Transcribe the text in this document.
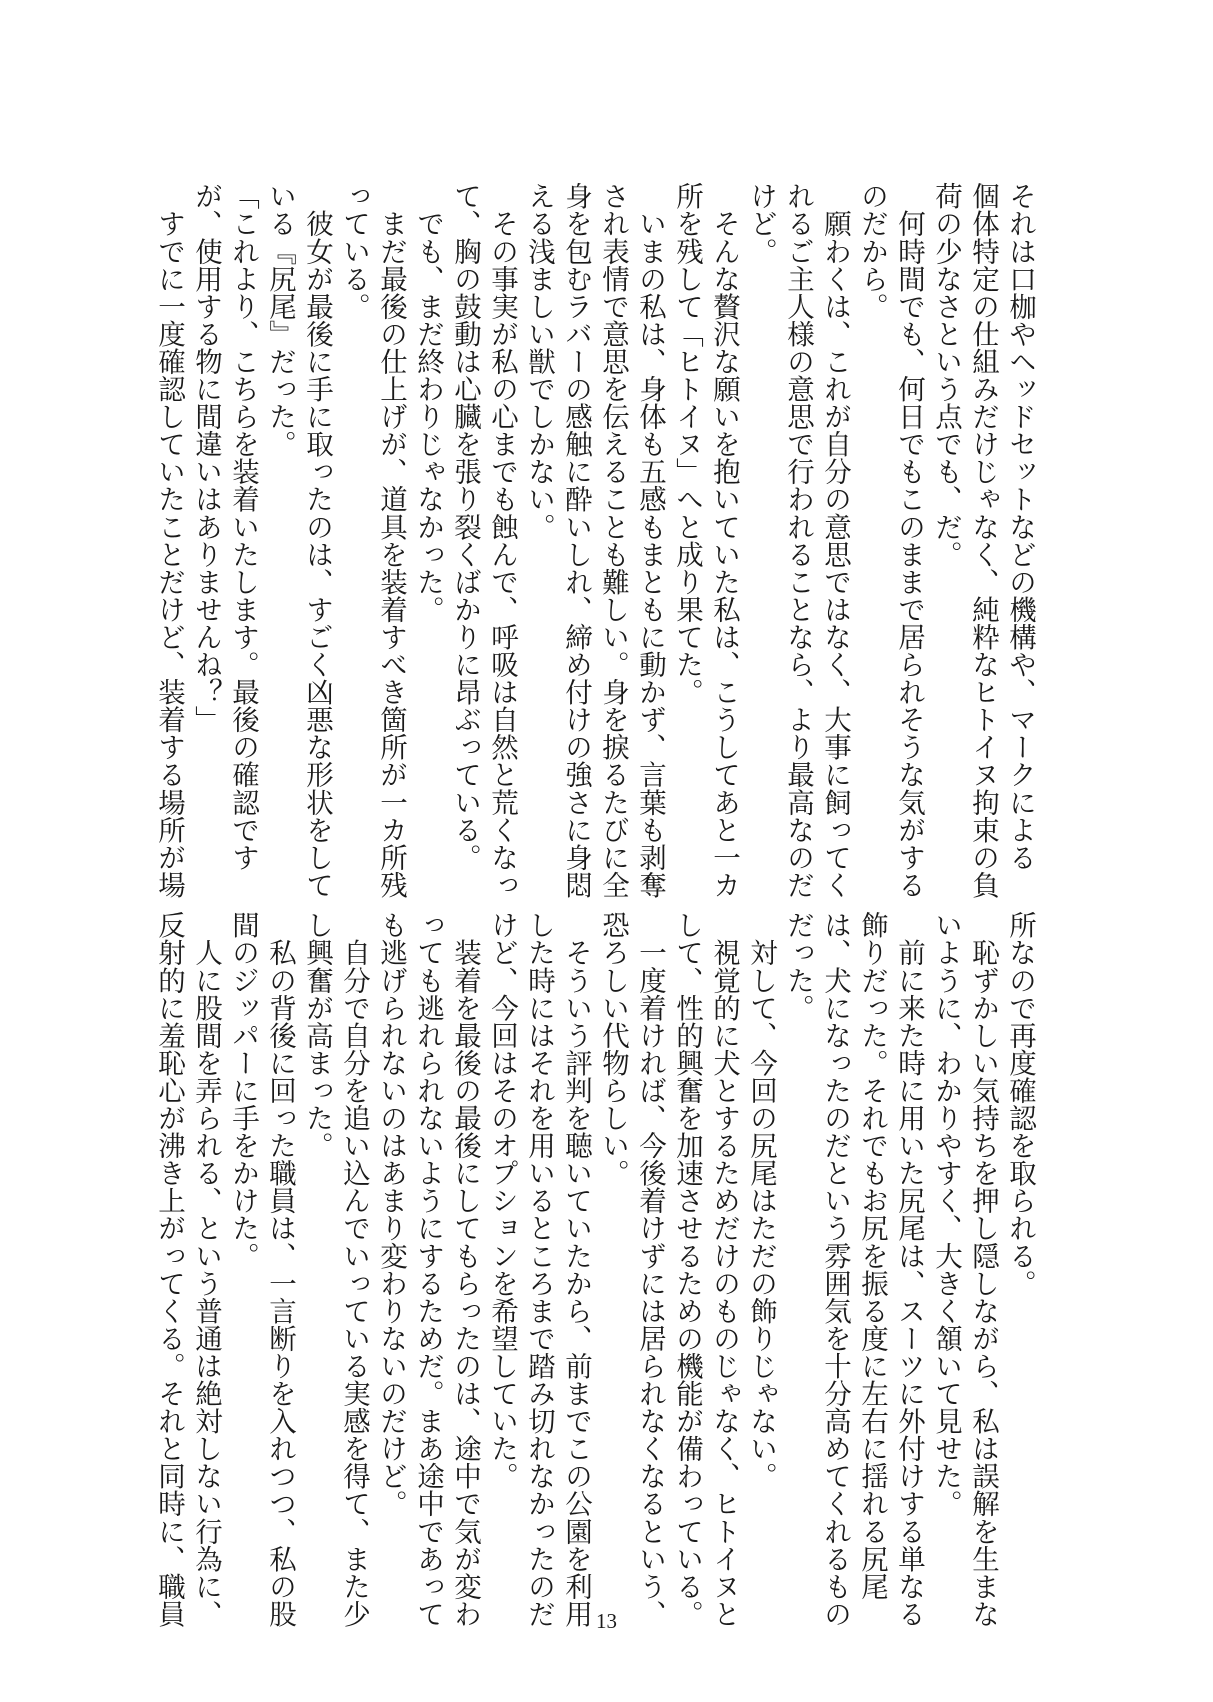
それは口枷やヘッドセットなどの機構や、マークによる

個体特定の仕組みだけじゃなく、純粋なヒトイヌ拘束の負

荷の少なさという点でも、だ。

　何時間でも、何日でもこのままで居られそうな気がする

のだから。

　願わくは、これが自分の意思ではなく、大事に飼ってく

れるご主人様の意思で行われることなら、より最高なのだ

けど。

　そんな贅沢な願いを抱いていた私は、こうしてあと一カ

所を残して「ヒトイヌ」へと成り果てた。

　いまの私は、身体も五感もまともに動かず、言葉も剥奪

され表情で意思を伝えることも難しい。身を捩るたびに全

身を包むラバーの感触に酔いしれ、締め付けの強さに身悶

える浅ましい獣でしかない。

　その事実が私の心までも蝕んで、呼吸は自然と荒くなっ

て、胸の鼓動は心臓を張り裂くばかりに昂ぶっている。

　でも、まだ終わりじゃなかった。

　まだ最後の仕上げが、道具を装着すべき箇所が一カ所残

っている。

　彼女が最後に手に取ったのは、すごく凶悪な形状をして

いる『尻尾』だった。

「これより、こちらを装着いたします。最後の確認です

が、使用する物に間違いはありませんね？」

　すでに一度確認していたことだけど、装着する場所が場

所なので再度確認を取られる。

　恥ずかしい気持ちを押し隠しながら、私は誤解を生まな

いように、わかりやすく、大きく頷いて見せた。

　前に来た時に用いた尻尾は、スーツに外付けする単なる

飾りだった。それでもお尻を振る度に左右に揺れる尻尾

は、犬になったのだという雰囲気を十分高めてくれるもの

だった。

　対して、今回の尻尾はただの飾りじゃない。

　視覚的に犬とするためだけのものじゃなく、ヒトイヌと

して、性的興奮を加速させるための機能が備わっている。

　一度着ければ、今後着けずには居られなくなるという、

恐ろしい代物らしい。

　そういう評判を聴いていたから、前までこの公園を利用

した時にはそれを用いるところまで踏み切れなかったのだ

けど、今回はそのオプションを希望していた。

　装着を最後の最後にしてもらったのは、途中で気が変わ

っても逃れられないようにするためだ。まあ途中であって

も逃げられないのはあまり変わりないのだけど。

　自分で自分を追い込んでいっている実感を得て、また少

し興奮が高まった。

　私の背後に回った職員は、一言断りを入れつつ、私の股

間のジッパーに手をかけた。

　人に股間を弄られる、という普通は絶対しない行為に、

反射的に羞恥心が沸き上がってくる。それと同時に、職員	13
